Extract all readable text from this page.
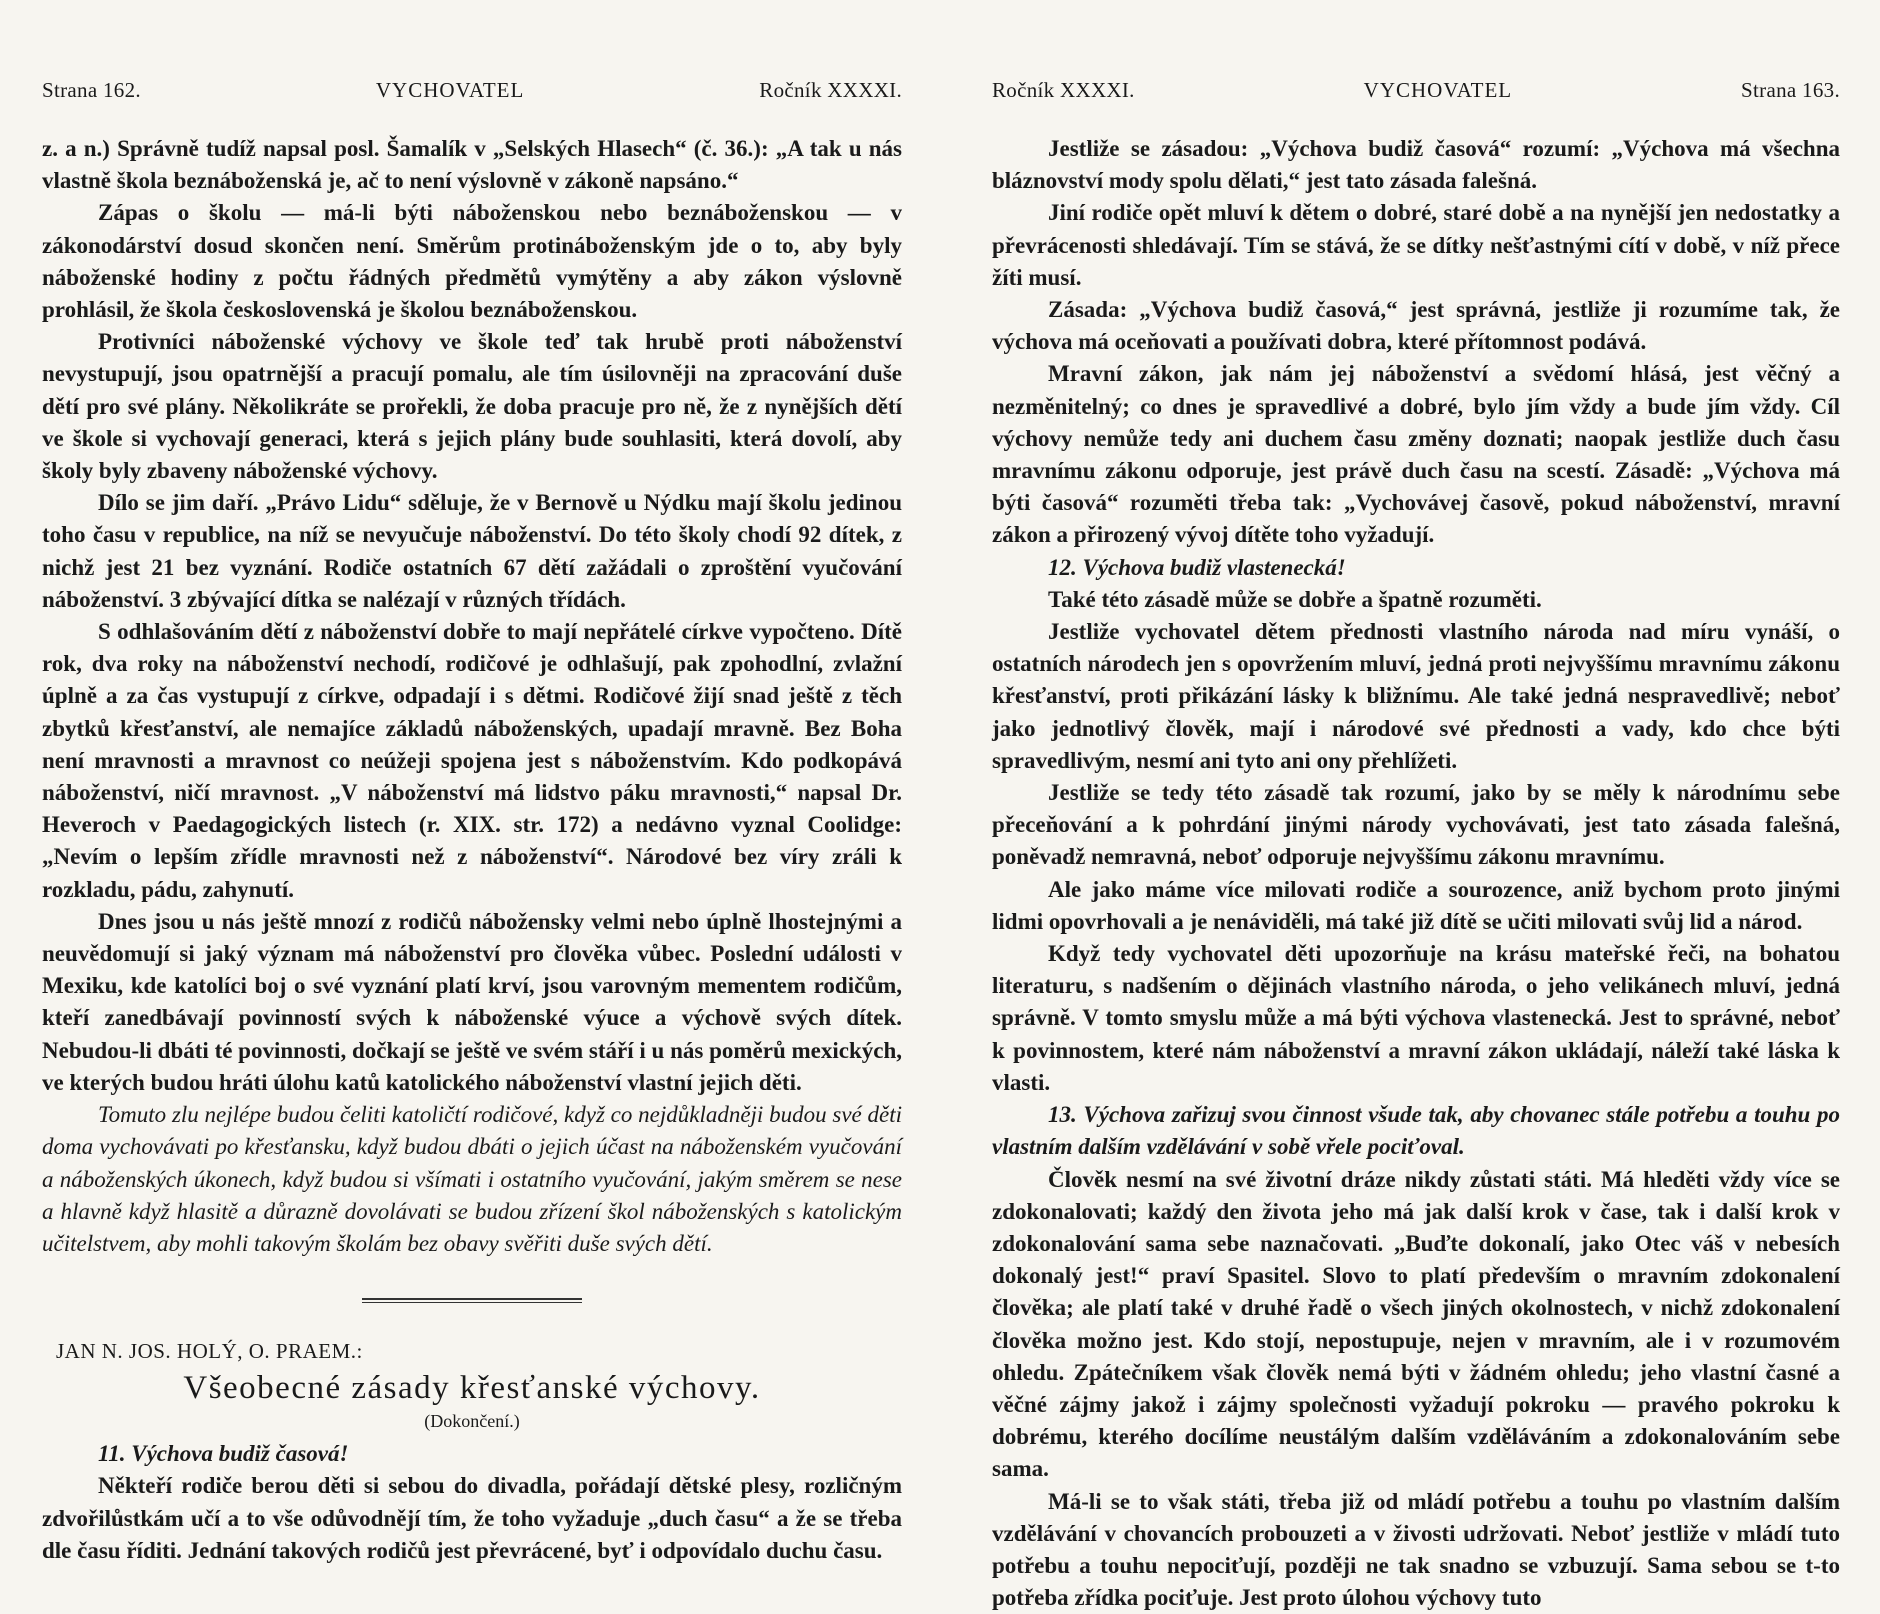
Strana 162.	VYCHOVATEL	Ročník XXXXI.

z. a n.) Správně tudíž napsal posl. Šamalík v „Selských Hlasech“ (č. 36.): „A tak u nás vlastně škola beznáboženská je, ač to není výslovně v zákoně napsáno.“

Zápas o školu — má-li býti náboženskou nebo beznáboženskou — v zákonodárství dosud skončen není. Směrům protináboženským jde o to, aby byly náboženské hodiny z počtu řádných předmětů vymýtěny a aby zákon výslovně prohlásil, že škola československá je školou beznáboženskou.

Protivníci náboženské výchovy ve škole teď tak hrubě proti náboženství nevystupují, jsou opatrnější a pracují pomalu, ale tím úsilovněji na zpracování duše dětí pro své plány. Několikráte se prořekli, že doba pracuje pro ně, že z nynějších dětí ve škole si vychovají generaci, která s jejich plány bude souhlasiti, která dovolí, aby školy byly zbaveny náboženské výchovy.

Dílo se jim daří. „Právo Lidu“ sděluje, že v Bernově u Nýdku mají školu jedinou toho času v republice, na níž se nevyučuje náboženství. Do této školy chodí 92 dítek, z nichž jest 21 bez vyznání. Rodiče ostatních 67 dětí zažádali o zproštění vyučování náboženství. 3 zbývající dítka se nalézají v různých třídách.

S odhlašováním dětí z náboženství dobře to mají nepřátelé církve vypočteno. Dítě rok, dva roky na náboženství nechodí, rodičové je odhlašují, pak zpohodlní, zvlažní úplně a za čas vystupují z církve, odpadají i s dětmi. Rodičové žijí snad ještě z těch zbytků křesťanství, ale nemajíce základů náboženských, upadají mravně. Bez Boha není mravnosti a mravnost co neúžeji spojena jest s náboženstvím. Kdo podkopává náboženství, ničí mravnost. „V náboženství má lidstvo páku mravnosti,“ napsal Dr. Heveroch v Paedagogických listech (r. XIX. str. 172) a nedávno vyznal Coolidge: „Nevím o lepším zřídle mravnosti než z náboženství“. Národové bez víry zráli k rozkladu, pádu, zahynutí.

Dnes jsou u nás ještě mnozí z rodičů nábožensky velmi nebo úplně lhostejnými a neuvědomují si jaký význam má náboženství pro člověka vůbec. Poslední události v Mexiku, kde katolíci boj o své vyznání platí krví, jsou varovným mementem rodičům, kteří zanedbávají povinností svých k náboženské výuce a výchově svých dítek. Nebudou-li dbáti té povinnosti, dočkají se ještě ve svém stáří i u nás poměrů mexických, ve kterých budou hráti úlohu katů katolického náboženství vlastní jejich děti.

Tomuto zlu nejlépe budou čeliti katoličtí rodičové, když co nejdůkladněji budou své děti doma vychovávati po křesťansku, když budou dbáti o jejich účast na náboženském vyučování a náboženských úkonech, když budou si všímati i ostatního vyučování, jakým směrem se nese a hlavně když hlasitě a důrazně dovolávati se budou zřízení škol náboženských s katolickým učitelstvem, aby mohli takovým školám bez obavy svěřiti duše svých dětí.

JAN N. JOS. HOLÝ, O. PRAEM.:
Všeobecné zásady křesťanské výchovy.
(Dokončení.)

11. Výchova budiž časová!

Někteří rodiče berou děti si sebou do divadla, pořádají dětské plesy, rozličným zdvořilůstkám učí a to vše odůvodnějí tím, že toho vyžaduje „duch času“ a že se třeba dle času říditi. Jednání takových rodičů jest převrácené, byť i odpovídalo duchu času.

Ročník XXXXI.	VYCHOVATEL	Strana 163.

Jestliže se zásadou: „Výchova budiž časová“ rozumí: „Výchova má všechna bláznovství mody spolu dělati,“ jest tato zásada falešná.

Jiní rodiče opět mluví k dětem o dobré, staré době a na nynější jen nedostatky a převrácenosti shledávají. Tím se stává, že se dítky nešťastnými cítí v době, v níž přece žíti musí.

Zásada: „Výchova budiž časová,“ jest správná, jestliže ji rozumíme tak, že výchova má oceňovati a používati dobra, které přítomnost podává.

Mravní zákon, jak nám jej náboženství a svědomí hlásá, jest věčný a nezměnitelný; co dnes je spravedlivé a dobré, bylo jím vždy a bude jím vždy. Cíl výchovy nemůže tedy ani duchem času změny doznati; naopak jestliže duch času mravnímu zákonu odporuje, jest právě duch času na scestí. Zásadě: „Výchova má býti časová“ rozuměti třeba tak: „Vychovávej časově, pokud náboženství, mravní zákon a přirozený vývoj dítěte toho vyžadují.

12. Výchova budiž vlastenecká!

Také této zásadě může se dobře a špatně rozuměti.

Jestliže vychovatel dětem přednosti vlastního národa nad míru vynáší, o ostatních národech jen s opovržením mluví, jedná proti nejvyššímu mravnímu zákonu křesťanství, proti přikázání lásky k bližnímu. Ale také jedná nespravedlivě; neboť jako jednotlivý člověk, mají i národové své přednosti a vady, kdo chce býti spravedlivým, nesmí ani tyto ani ony přehlížeti.

Jestliže se tedy této zásadě tak rozumí, jako by se měly k národnímu sebe přeceňování a k pohrdání jinými národy vychovávati, jest tato zásada falešná, poněvadž nemravná, neboť odporuje nejvyššímu zákonu mravnímu.

Ale jako máme více milovati rodiče a sourozence, aniž bychom proto jinými lidmi opovrhovali a je nenáviděli, má také již dítě se učiti milovati svůj lid a národ.

Když tedy vychovatel děti upozorňuje na krásu mateřské řeči, na bohatou literaturu, s nadšením o dějinách vlastního národa, o jeho velikánech mluví, jedná správně. V tomto smyslu může a má býti výchova vlastenecká. Jest to správné, neboť k povinnostem, které nám náboženství a mravní zákon ukládají, náleží také láska k vlasti.

13. Výchova zařizuj svou činnost všude tak, aby chovanec stále potřebu a touhu po vlastním dalším vzdělávání v sobě vřele pociťoval.

Člověk nesmí na své životní dráze nikdy zůstati státi. Má hleděti vždy více se zdokonalovati; každý den života jeho má jak další krok v čase, tak i další krok v zdokonalování sama sebe naznačovati. „Buďte dokonalí, jako Otec váš v nebesích dokonalý jest!“ praví Spasitel. Slovo to platí především o mravním zdokonalení člověka; ale platí také v druhé řadě o všech jiných okolnostech, v nichž zdokonalení člověka možno jest. Kdo stojí, nepostupuje, nejen v mravním, ale i v rozumovém ohledu. Zpátečníkem však člověk nemá býti v žádném ohledu; jeho vlastní časné a věčné zájmy jakož i zájmy společnosti vyžadují pokroku — pravého pokroku k dobrému, kterého docílíme neustálým dalším vzděláváním a zdokonalováním sebe sama.

Má-li se to však státi, třeba již od mládí potřebu a touhu po vlastním dalším vzdělávání v chovancích probouzeti a v živosti udržovati. Neboť jestliže v mládí tuto potřebu a touhu nepociťují, později ne tak snadno se vzbuzují. Sama sebou se t-to potřeba zřídka pociťuje. Jest proto úlohou výchovy tuto
